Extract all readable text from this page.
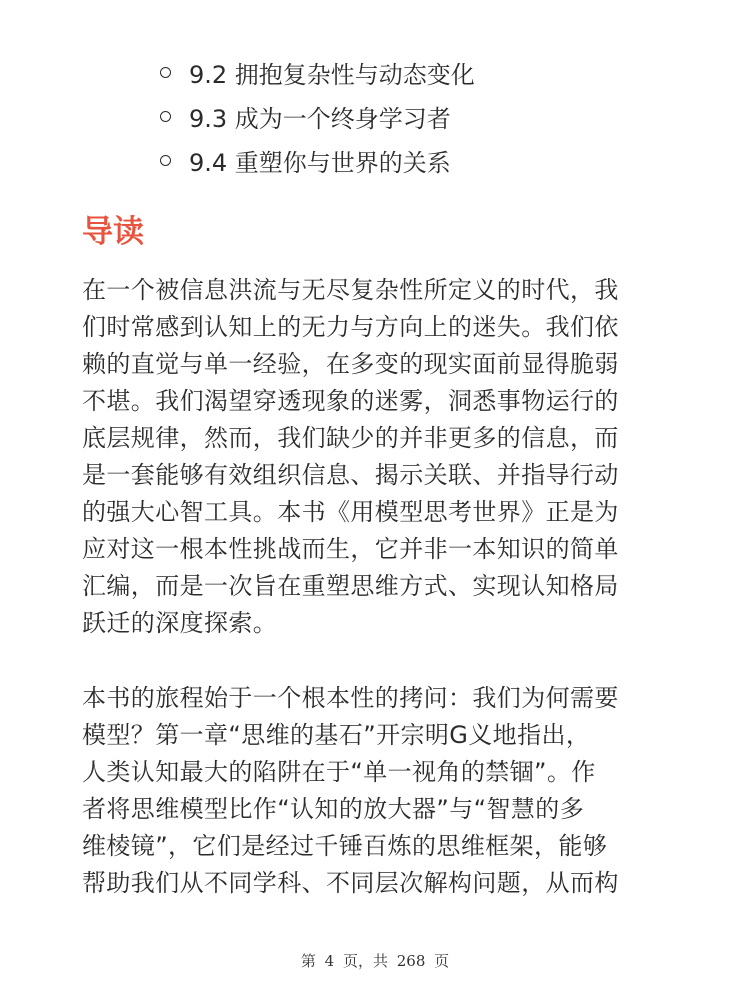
9.2 拥抱复杂性与动态变化
9.3 成为一个终身学习者
9.4 重塑你与世界的关系
导读

在一个被信息洪流与无尽复杂性所定义的时代，我
们时常感到认知上的无力与方向上的迷失。我们依
赖的直觉与单一经验，在多变的现实面前显得脆弱
不堪。我们渴望穿透现象的迷雾，洞悉事物运行的
底层规律，然而，我们缺少的并非更多的信息，而
是一套能够有效组织信息、揭示关联、并指导行动
的强大心智工具。本书《用模型思考世界》正是为
应对这一根本性挑战而生，它并非一本知识的简单
汇编，而是一次旨在重塑思维方式、实现认知格局
跃迁的深度探索。

本书的旅程始于一个根本性的拷问：我们为何需要
模型？第一章“思维的基石”开宗明G义地指出，
人类认知最大的陷阱在于“单一视角的禁锢”。作
者将思维模型比作“认知的放大器”与“智慧的多
维棱镜”，它们是经过千锤百炼的思维框架，能够
帮助我们从不同学科、不同层次解构问题，从而构

第 4 页，共 268 页
